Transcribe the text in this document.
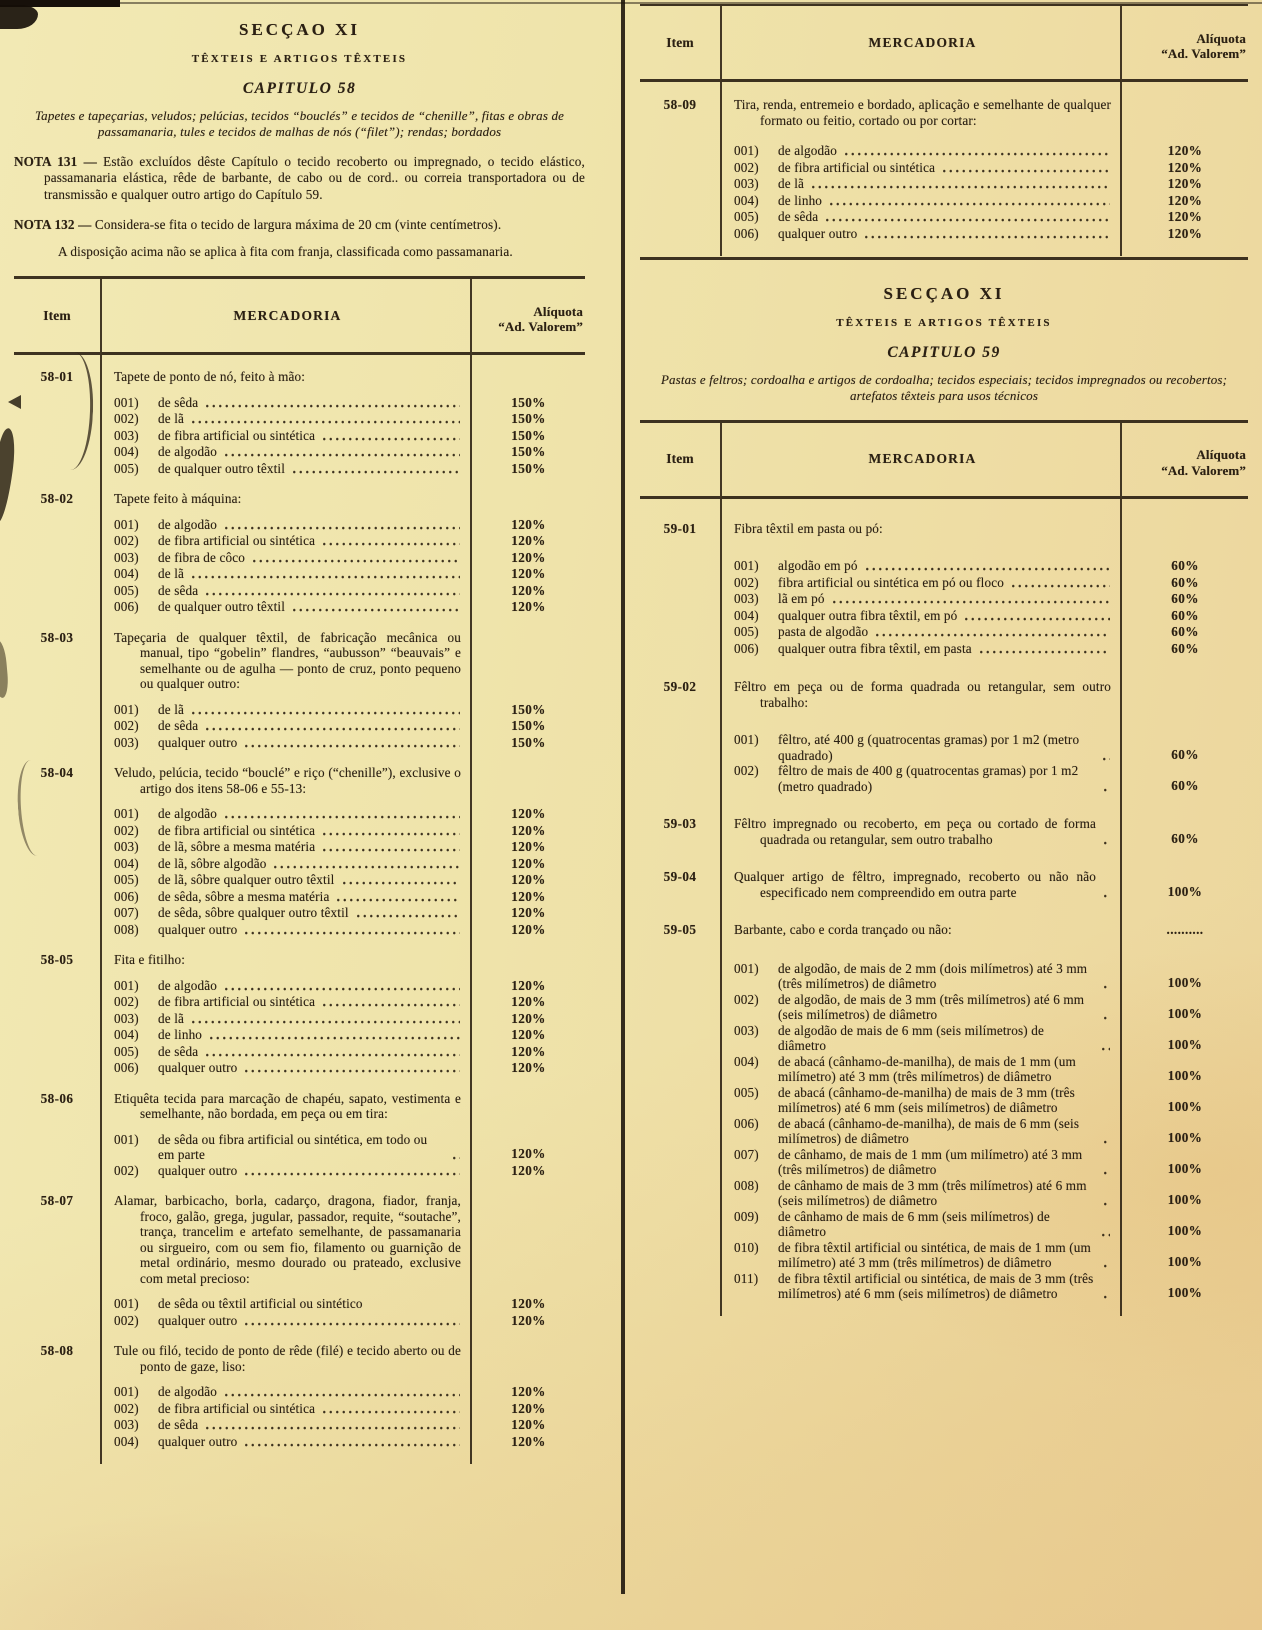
SECÇAO XI
TÊXTEIS E ARTIGOS TÊXTEIS
CAPITULO 58
Tapetes e tapeçarias, veludos; pelúcias, tecidos “bouclés” e tecidos de “chenille”, fitas e obras de passamanaria, tules e tecidos de malhas de nós (“filet”); rendas; bordados

NOTA 131 — Estão excluídos dêste Capítulo o tecido recoberto ou impregnado, o tecido elástico, passamanaria elástica, rêde de barbante, de cabo ou de cord.. ou correia transportadora ou de transmissão e qualquer outro artigo do Capítulo 59.

NOTA 132 — Considera-se fita o tecido de largura máxima de 20 cm (vinte centímetros).

A disposição acima não se aplica à fita com franja, classificada como passamanaria.

Item	MERCADORIA	Alíquota
“Ad. Valorem”
58-01	Tapete de ponto de nó, feito à mão:
001)	de sêda	150%
002)	de lã	150%
003)	de fibra artificial ou sintética	150%
004)	de algodão	150%
005)	de qualquer outro têxtil	150%
58-02	Tapete feito à máquina:
001)	de algodão	120%
002)	de fibra artificial ou sintética	120%
003)	de fibra de côco	120%
004)	de lã	120%
005)	de sêda	120%
006)	de qualquer outro têxtil	120%
58-03	Tapeçaria de qualquer têxtil, de fabricação mecânica ou manual, tipo “gobelin” flandres, “aubusson” “beauvais” e semelhante ou de agulha — ponto de cruz, ponto pequeno ou qualquer outro:
001)	de lã	150%
002)	de sêda	150%
003)	qualquer outro	150%
58-04	Veludo, pelúcia, tecido “bouclé” e riço (“chenille”), exclusive o artigo dos itens 58-06 e 55-13:
001)	de algodão	120%
002)	de fibra artificial ou sintética	120%
003)	de lã, sôbre a mesma matéria	120%
004)	de lã, sôbre algodão	120%
005)	de lã, sôbre qualquer outro têxtil	120%
006)	de sêda, sôbre a mesma matéria	120%
007)	de sêda, sôbre qualquer outro têxtil	120%
008)	qualquer outro	120%
58-05	Fita e fitilho:
001)	de algodão	120%
002)	de fibra artificial ou sintética	120%
003)	de lã	120%
004)	de linho	120%
005)	de sêda	120%
006)	qualquer outro	120%
58-06	Etiquêta tecida para marcação de chapéu, sapato, vestimenta e semelhante, não bordada, em peça ou em tira:
001)	de sêda ou fibra artificial ou sintética, em todo ou em parte	120%
002)	qualquer outro	120%
58-07	Alamar, barbicacho, borla, cadarço, dragona, fiador, franja, froco, galão, grega, jugular, passador, requite, “soutache”, trança, trancelim e artefato semelhante, de passamanaria ou sirgueiro, com ou sem fio, filamento ou guarnição de metal ordinário, mesmo dourado ou prateado, exclusive com metal precioso:
001)	de sêda ou têxtil artificial ou sintético	120%
002)	qualquer outro	120%
58-08	Tule ou filó, tecido de ponto de rêde (filé) e tecido aberto ou de ponto de gaze, liso:
001)	de algodão	120%
002)	de fibra artificial ou sintética	120%
003)	de sêda	120%
004)	qualquer outro	120%
Item	MERCADORIA	Alíquota
“Ad. Valorem”
58-09	Tira, renda, entremeio e bordado, aplicação e semelhante de qualquer formato ou feitio, cortado ou por cortar:
001)	de algodão	120%
002)	de fibra artificial ou sintética	120%
003)	de lã	120%
004)	de linho	120%
005)	de sêda	120%
006)	qualquer outro	120%
SECÇAO XI
TÊXTEIS E ARTIGOS TÊXTEIS
CAPITULO 59
Pastas e feltros; cordoalha e artigos de cordoalha; tecidos especiais; tecidos impregnados ou recobertos; artefatos têxteis para usos técnicos
Item	MERCADORIA	Alíquota
“Ad. Valorem”
59-01	Fibra têxtil em pasta ou pó:
001)	algodão em pó	60%
002)	fibra artificial ou sintética em pó ou floco	60%
003)	lã em pó	60%
004)	qualquer outra fibra têxtil, em pó	60%
005)	pasta de algodão	60%
006)	qualquer outra fibra têxtil, em pasta	60%
59-02	Fêltro em peça ou de forma quadrada ou retangular, sem outro trabalho:
001)	fêltro, até 400 g (quatrocentas gramas) por 1 m2 (metro quadrado)	60%
002)	fêltro de mais de 400 g (quatrocentas gramas) por 1 m2 (metro quadrado)	60%
59-03	Fêltro impregnado ou recoberto, em peça ou cortado de forma quadrada ou retangular, sem outro trabalho	60%
59-04	Qualquer artigo de fêltro, impregnado, recoberto ou não não especificado nem compreendido em outra parte	100%
59-05	Barbante, cabo e corda trançado ou não:	..........
001)	de algodão, de mais de 2 mm (dois milímetros) até 3 mm (três milímetros) de diâmetro	100%
002)	de algodão, de mais de 3 mm (três milímetros) até 6 mm (seis milímetros) de diâmetro	100%
003)	de algodão de mais de 6 mm (seis milímetros) de diâmetro	100%
004)	de abacá (cânhamo-de-manilha), de mais de 1 mm (um milímetro) até 3 mm (três milímetros) de diâmetro	100%
005)	de abacá (cânhamo-de-manilha) de mais de 3 mm (três milímetros) até 6 mm (seis milímetros) de diâmetro	100%
006)	de abacá (cânhamo-de-manilha), de mais de 6 mm (seis milímetros) de diâmetro	100%
007)	de cânhamo, de mais de 1 mm (um milímetro) até 3 mm (três milímetros) de diâmetro	100%
008)	de cânhamo de mais de 3 mm (três milímetros) até 6 mm (seis milímetros) de diâmetro	100%
009)	de cânhamo de mais de 6 mm (seis milímetros) de diâmetro	100%
010)	de fibra têxtil artificial ou sintética, de mais de 1 mm (um milímetro) até 3 mm (três milímetros) de diâmetro	100%
011)	de fibra têxtil artificial ou sintética, de mais de 3 mm (três milímetros) até 6 mm (seis milímetros) de diâmetro	100%
